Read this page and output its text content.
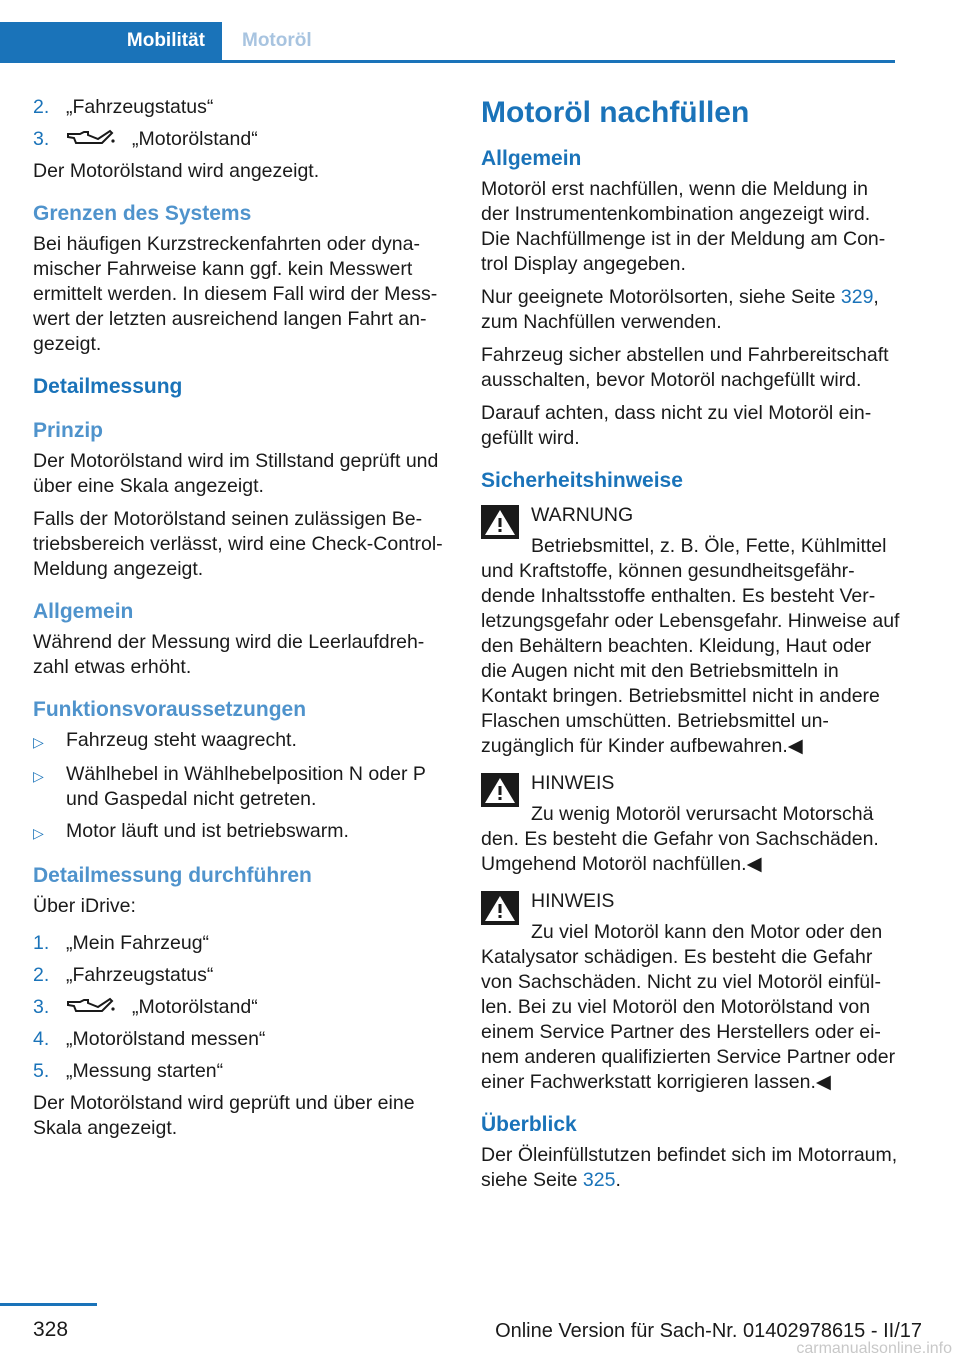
Mobilität	Motoröl
2. „Fahrzeugstatus“
3.	„Motorölstand“

Der Motorölstand wird angezeigt.

Grenzen des Systems

Bei häufigen Kurzstreckenfahrten oder dynamischer Fahrweise kann ggf. kein Messwert ermittelt werden. In diesem Fall wird der Messwert der letzten ausreichend langen Fahrt angezeigt.

Detailmessung
Prinzip

Der Motorölstand wird im Stillstand geprüft und über eine Skala angezeigt.

Falls der Motorölstand seinen zulässigen Betriebsbereich verlässt, wird eine Check-Control-Meldung angezeigt.

Allgemein

Während der Messung wird die Leerlaufdrehzahl etwas erhöht.

Funktionsvoraussetzungen
▷	Fahrzeug steht waagrecht.
▷	Wählhebel in Wählhebelposition N oder P und Gaspedal nicht getreten.
▷	Motor läuft und ist betriebswarm.
Detailmessung durchführen

Über iDrive:

1. „Mein Fahrzeug“
2. „Fahrzeugstatus“
3.	„Motorölstand“
4. „Motorölstand messen“
5. „Messung starten“

Der Motorölstand wird geprüft und über eine Skala angezeigt.

Motoröl nachfüllen
Allgemein

Motoröl erst nachfüllen, wenn die Meldung in der Instrumentenkombination angezeigt wird. Die Nachfüllmenge ist in der Meldung am Control Display angegeben.

Nur geeignete Motorölsorten, siehe Seite 329, zum Nachfüllen verwenden.

Fahrzeug sicher abstellen und Fahrbereitschaft ausschalten, bevor Motoröl nachgefüllt wird.

Darauf achten, dass nicht zu viel Motoröl eingefüllt wird.

Sicherheitshinweise
WARNUNG
Betriebsmittel, z. B. Öle, Fette, Kühlmittel
und Kraftstoffe, können gesundheitsgefährdende Inhaltsstoffe enthalten. Es besteht Verletzungsgefahr oder Lebensgefahr. Hinweise auf den Behältern beachten. Kleidung, Haut oder die Augen nicht mit den Betriebsmitteln in Kontakt bringen. Betriebsmittel nicht in andere Flaschen umschütten. Betriebsmittel unzugänglich für Kinder aufbewahren.◀
HINWEIS
Zu wenig Motoröl verursacht Motorschä
den. Es besteht die Gefahr von Sachschäden. Umgehend Motoröl nachfüllen.◀
HINWEIS
Zu viel Motoröl kann den Motor oder den
Katalysator schädigen. Es besteht die Gefahr von Sachschäden. Nicht zu viel Motoröl einfüllen. Bei zu viel Motoröl den Motorölstand von einem Service Partner des Herstellers oder einem anderen qualifizierten Service Partner oder einer Fachwerkstatt korrigieren lassen.◀
Überblick

Der Öleinfüllstutzen befindet sich im Motorraum, siehe Seite 325.

328	Online Version für Sach-Nr. 01402978615 - II/17
carmanualsonline.info
